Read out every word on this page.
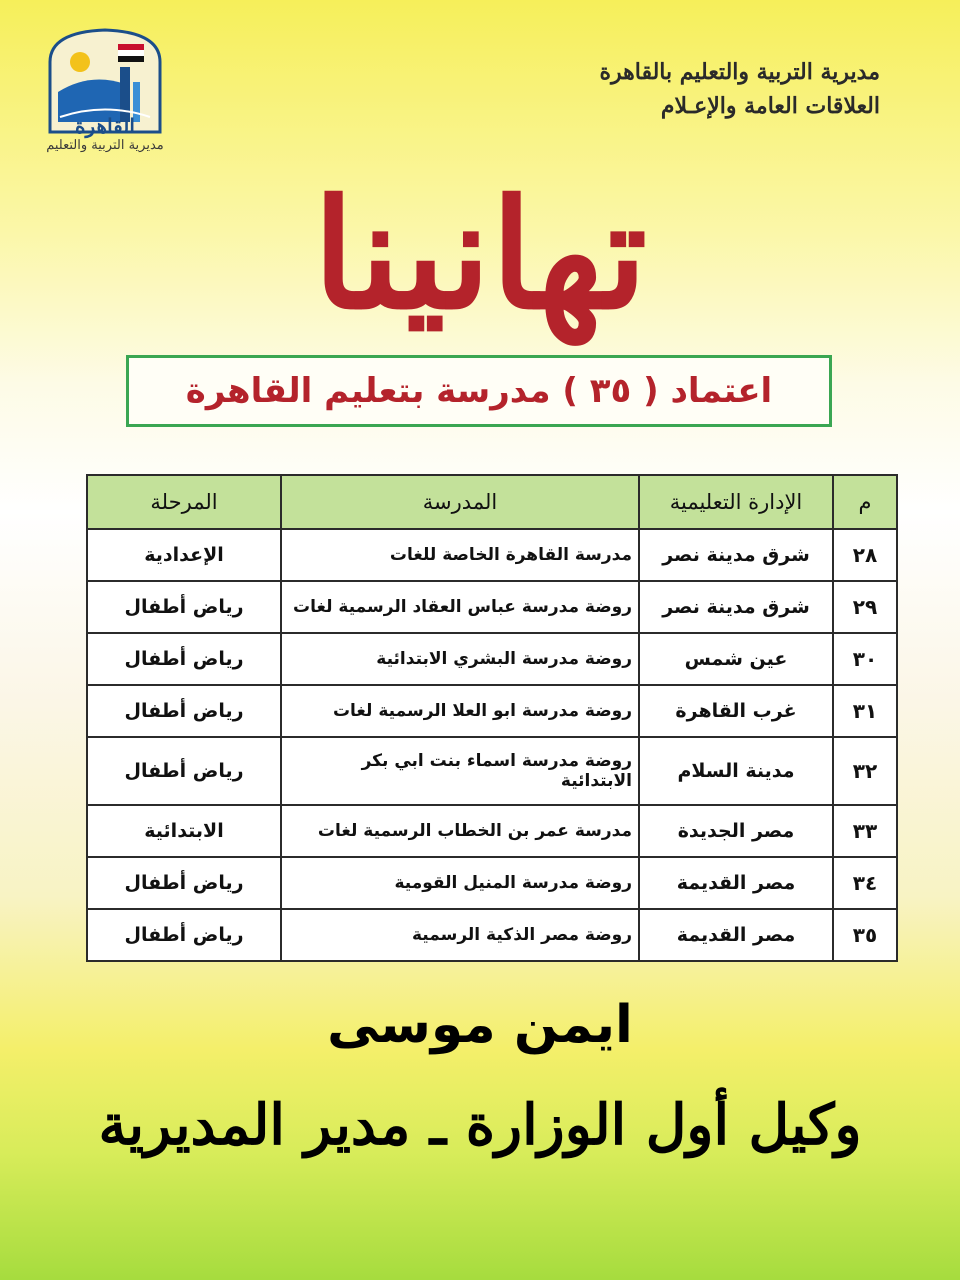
القاهرة
مديرية التربية والتعليم
مديرية التربية والتعليم بالقاهرة
العلاقات العامة والإعـلام
تهانينا
اعتماد ( ٣٥ ) مدرسة بتعليم القاهرة
م	الإدارة التعليمية	المدرسة	المرحلة
٢٨	شرق مدينة نصر	مدرسة القاهرة الخاصة للغات	الإعدادية
٢٩	شرق مدينة نصر	روضة مدرسة عباس العقاد الرسمية لغات	رياض أطفال
٣٠	عين شمس	روضة مدرسة البشري الابتدائية	رياض أطفال
٣١	غرب القاهرة	روضة مدرسة ابو العلا الرسمية لغات	رياض أطفال
٣٢	مدينة السلام	روضة مدرسة اسماء بنت ابي بكر الابتدائية	رياض أطفال
٣٣	مصر الجديدة	مدرسة عمر بن الخطاب الرسمية لغات	الابتدائية
٣٤	مصر القديمة	روضة مدرسة المنيل القومية	رياض أطفال
٣٥	مصر القديمة	روضة مصر الذكية الرسمية	رياض أطفال
ايمن موسى
وكيل أول الوزارة ـ مدير المديرية
